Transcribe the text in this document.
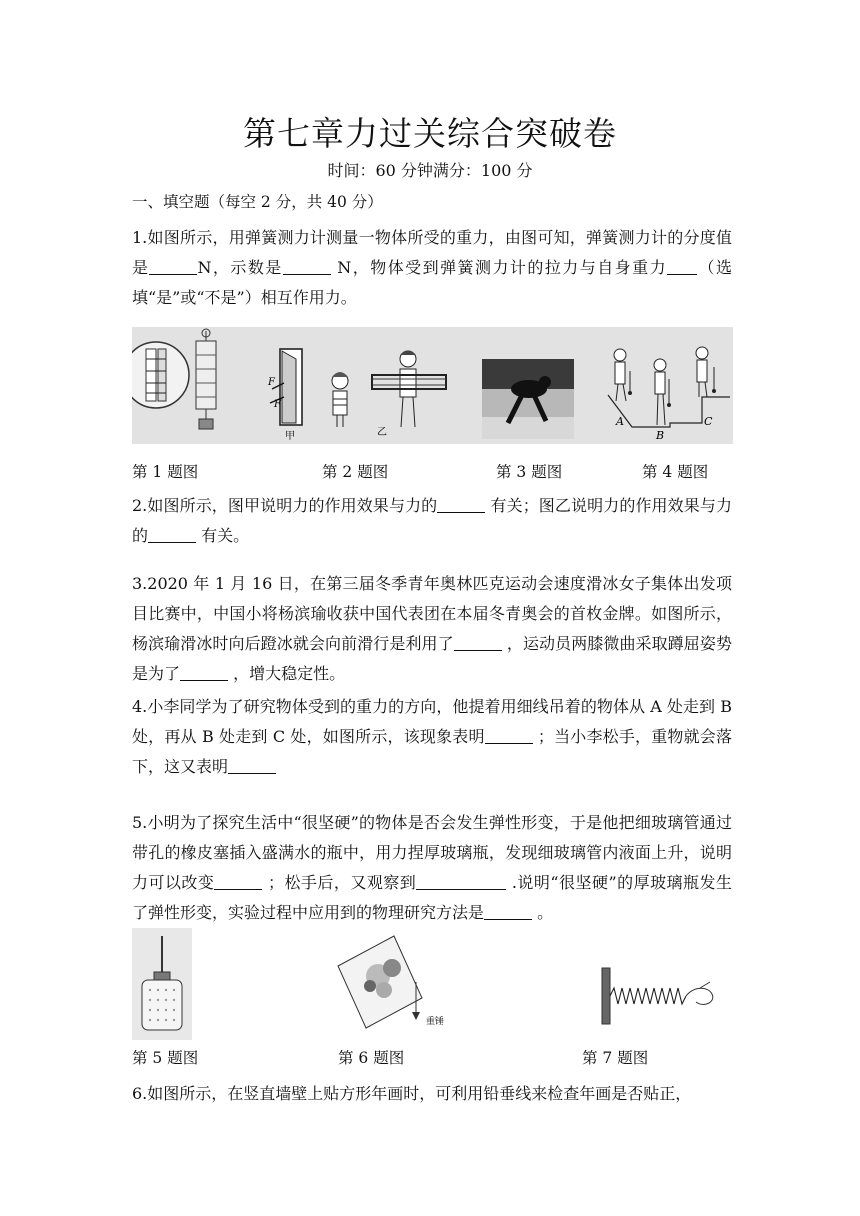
第七章力过关综合突破卷
时间：60 分钟满分：100 分
一、填空题（每空 2 分，共 40 分）
1.如图所示，用弹簧测力计测量一物体所受的重力，由图可知，弹簧测力计的分度值是	N，示数是	N，物体受到弹簧测力计的拉力与自身重力 （选填“是”或“不是”）相互作用力。
F
F
甲	乙
A
B
C
第 1 题图	第 2 题图	第 3 题图	第 4 题图
2.如图所示，图甲说明力的作用效果与力的	有关；图乙说明力的作用效果与力的	有关。
3.2020 年 1 月 16 日，在第三届冬季青年奥林匹克运动会速度滑冰女子集体出发项目比赛中，中国小将杨滨瑜收获中国代表团在本届冬青奥会的首枚金牌。如图所示，杨滨瑜滑冰时向后蹬冰就会向前滑行是利用了	，运动员两膝微曲采取蹲屈姿势是为了	，增大稳定性。
4.小李同学为了研究物体受到的重力的方向，他提着用细线吊着的物体从 A 处走到 B 处，再从 B 处走到 C 处，如图所示，该现象表明	；当小李松手，重物就会落下，这又表明
5.小明为了探究生活中“很坚硬”的物体是否会发生弹性形变，于是他把细玻璃管通过带孔的橡皮塞插入盛满水的瓶中，用力捏厚玻璃瓶，发现细玻璃管内液面上升，说明力可以改变	；松手后，又观察到	.说明“很坚硬”的厚玻璃瓶发生了弹性形变，实验过程中应用到的物理研究方法是	。
重锤
第 5 题图	第 6 题图	第 7 题图
6.如图所示，在竖直墙壁上贴方形年画时，可利用铅垂线来检查年画是否贴正，
